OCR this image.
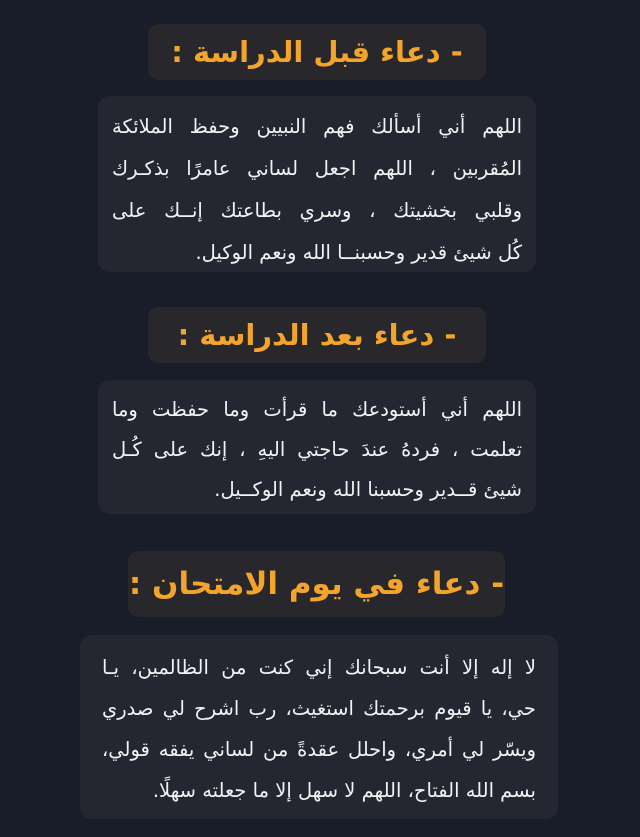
- دعاء قبل الدراسة :
اللهم أني أسألك فهم النبيين وحفظ الملائكة
المُقربين ، اللهم اجعل لساني عامرًا بذكـرك
وقلبي بخشيتك ، وسري بطاعتك إنــك على
كُل شيئ قدير وحسبنــا الله ونعم الوكيل.
- دعاء بعد الدراسة :
اللهم أني أستودعك ما قرأت وما حفظت وما
تعلمت ، فردهُ عندَ حاجتي اليهِ ، إنك على كُـل
شيئ قــدير وحسبنا الله ونعم الوكــيل.
- دعاء في يوم الامتحان :
لا إله إلا أنت سبحانك إني كنت من الظالمين، يـا
حي، يا قيوم برحمتك استغيث، رب اشرح لي صدري
ويسّر لي أمري، واحلل عقدةً من لساني يفقه قولي،
بسم الله الفتاح، اللهم لا سهل إلا ما جعلته سهلًا.
